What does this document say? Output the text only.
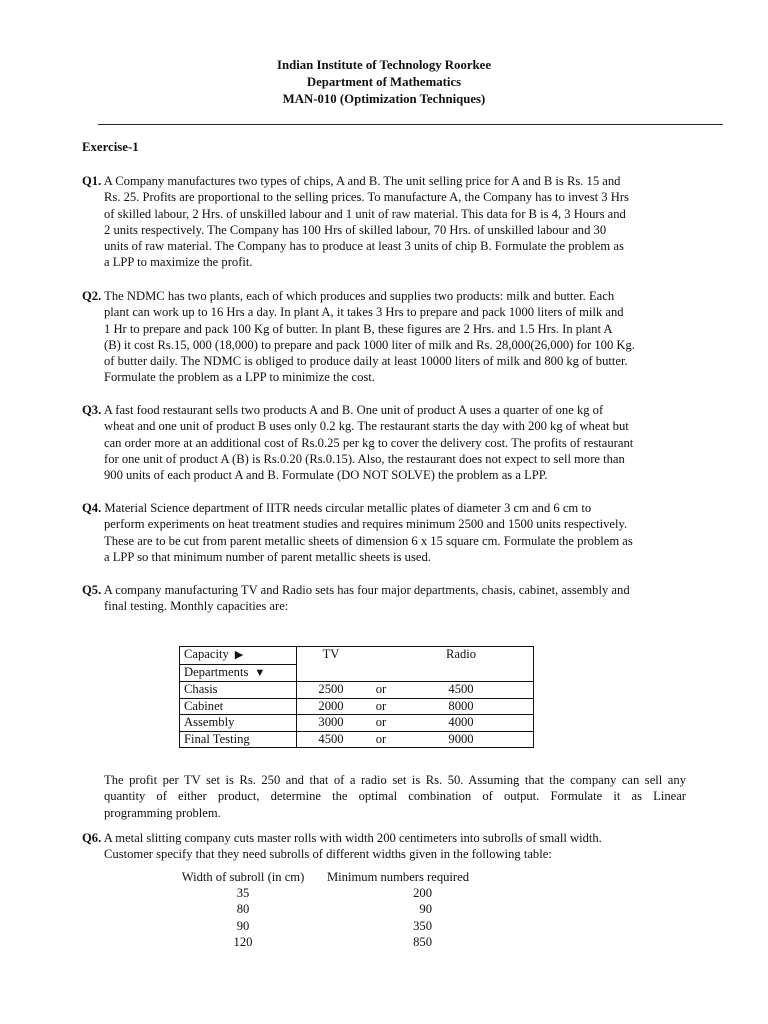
Indian Institute of Technology Roorkee
Department of Mathematics
MAN-010 (Optimization Techniques)
Exercise-1
Q1. A Company manufactures two types of chips, A and B. The unit selling price for A and B is Rs. 15 and
Rs. 25. Profits are proportional to the selling prices. To manufacture A, the Company has to invest 3 Hrs
of skilled labour, 2 Hrs. of unskilled labour and 1 unit of raw material. This data for B is 4, 3 Hours and
2 units respectively. The Company has 100 Hrs of skilled labour, 70 Hrs. of unskilled labour and 30
units of raw material. The Company has to produce at least 3 units of chip B. Formulate the problem as
a LPP to maximize the profit.
Q2. The NDMC has two plants, each of which produces and supplies two products: milk and butter. Each
plant can work up to 16 Hrs a day. In plant A, it takes 3 Hrs to prepare and pack 1000 liters of milk and
1 Hr to prepare and pack 100 Kg of butter. In plant B, these figures are 2 Hrs. and 1.5 Hrs. In plant A
(B) it cost Rs.15, 000 (18,000) to prepare and pack 1000 liter of milk and Rs. 28,000(26,000) for 100 Kg.
of butter daily. The NDMC is obliged to produce daily at least 10000 liters of milk and 800 kg of butter.
Formulate the problem as a LPP to minimize the cost.
Q3. A fast food restaurant sells two products A and B. One unit of product A uses a quarter of one kg of
wheat and one unit of product B uses only 0.2 kg. The restaurant starts the day with 200 kg of wheat but
can order more at an additional cost of Rs.0.25 per kg to cover the delivery cost. The profits of restaurant
for one unit of product A (B) is Rs.0.20 (Rs.0.15). Also, the restaurant does not expect to sell more than
900 units of each product A and B. Formulate (DO NOT SOLVE) the problem as a LPP.
Q4. Material Science department of IITR needs circular metallic plates of diameter 3 cm and 6 cm to
perform experiments on heat treatment studies and requires minimum 2500 and 1500 units respectively.
These are to be cut from parent metallic sheets of dimension 6 x 15 square cm. Formulate the problem as
a LPP so that minimum number of parent metallic sheets is used.
Q5. A company manufacturing TV and Radio sets has four major departments, chasis, cabinet, assembly and
final testing. Monthly capacities are:
Capacity ▶	TV Radio

Departments ▼	
Chasis	2500 or 4500

Cabinet	2000 or 8000

Assembly	3000 or 4000

Final Testing	4500 or 9000
The profit per TV set is Rs. 250 and that of a radio set is Rs. 50. Assuming that the company can sell any
quantity of either product, determine the optimal combination of output. Formulate it as Linear
programming problem.
Q6. A metal slitting company cuts master rolls with width 200 centimeters into subrolls of small width.
Customer specify that they need subrolls of different widths given in the following table:
Width of subroll (in cm)	Minimum numbers required
35	200
80	90
90	350
120	850
